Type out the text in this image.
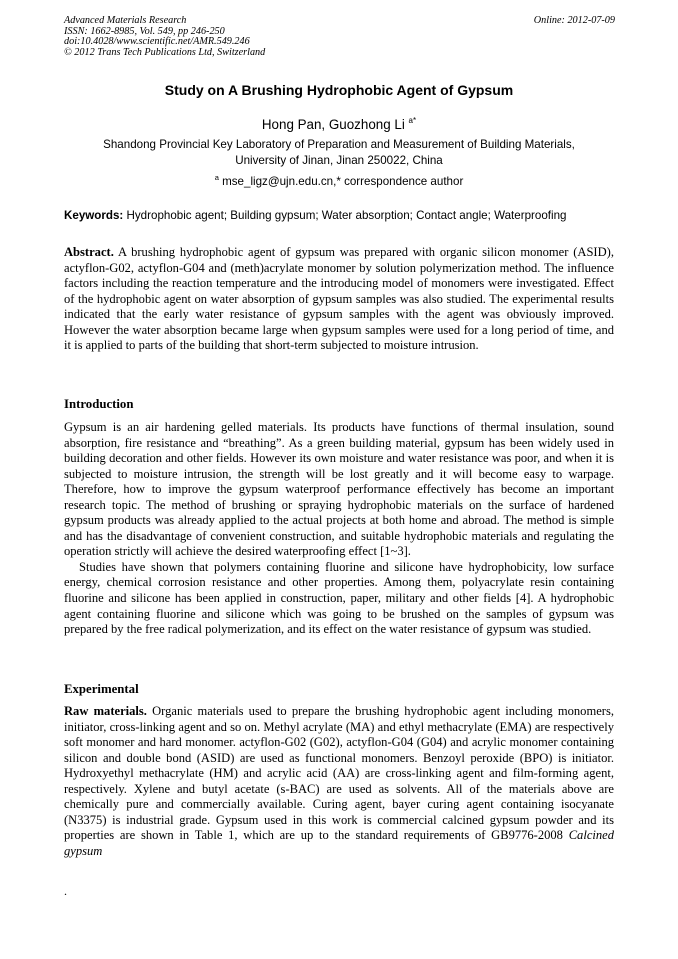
Advanced Materials Research
ISSN: 1662-8985, Vol. 549, pp 246-250
doi:10.4028/www.scientific.net/AMR.549.246
© 2012 Trans Tech Publications Ltd, Switzerland
Online: 2012-07-09
Study on A Brushing Hydrophobic Agent of Gypsum
Hong Pan, Guozhong Li $^{a*}$
Shandong Provincial Key Laboratory of Preparation and Measurement of Building Materials,
University of Jinan, Jinan 250022, China
$^a$ mse_ligz@ujn.edu.cn,* correspondence author
Keywords: Hydrophobic agent; Building gypsum; Water absorption; Contact angle; Waterproofing
Abstract. A brushing hydrophobic agent of gypsum was prepared with organic silicon monomer (ASID), actyflon-G02, actyflon-G04 and (meth)acrylate monomer by solution polymerization method. The influence factors including the reaction temperature and the introducing model of monomers were investigated. Effect of the hydrophobic agent on water absorption of gypsum samples was also studied. The experimental results indicated that the early water resistance of gypsum samples with the agent was obviously improved. However the water absorption became large when gypsum samples were used for a long period of time, and it is applied to parts of the building that short-term subjected to moisture intrusion.
Introduction

Gypsum is an air hardening gelled materials. Its products have functions of thermal insulation, sound absorption, fire resistance and “breathing”. As a green building material, gypsum has been widely used in building decoration and other fields. However its own moisture and water resistance was poor, and when it is subjected to moisture intrusion, the strength will be lost greatly and it will become easy to warpage. Therefore, how to improve the gypsum waterproof performance effectively has become an important research topic. The method of brushing or spraying hydrophobic materials on the surface of hardened gypsum products was already applied to the actual projects at both home and abroad. The method is simple and has the disadvantage of convenient construction, and suitable hydrophobic materials and regulating the operation strictly will achieve the desired waterproofing effect [1~3].

Studies have shown that polymers containing fluorine and silicone have hydrophobicity, low surface energy, chemical corrosion resistance and other properties. Among them, polyacrylate resin containing fluorine and silicone has been applied in construction, paper, military and other fields [4]. A hydrophobic agent containing fluorine and silicone which was going to be brushed on the samples of gypsum was prepared by the free radical polymerization, and its effect on the water resistance of gypsum was studied.

Experimental
Raw materials. Organic materials used to prepare the brushing hydrophobic agent including monomers, initiator, cross-linking agent and so on. Methyl acrylate (MA) and ethyl methacrylate (EMA) are respectively soft monomer and hard monomer. actyflon-G02 (G02), actyflon-G04 (G04) and acrylic monomer containing silicon and double bond (ASID) are used as functional monomers. Benzoyl peroxide (BPO) is initiator. Hydroxyethyl methacrylate (HM) and acrylic acid (AA) are cross-linking agent and film-forming agent, respectively. Xylene and butyl acetate (s-BAC) are used as solvents. All of the materials above are chemically pure and commercially available. Curing agent, bayer curing agent containing isocyanate (N3375) is industrial grade. Gypsum used in this work is commercial calcined gypsum powder and its properties are shown in Table 1, which are up to the standard requirements of GB9776-2008 Calcined gypsum
.
